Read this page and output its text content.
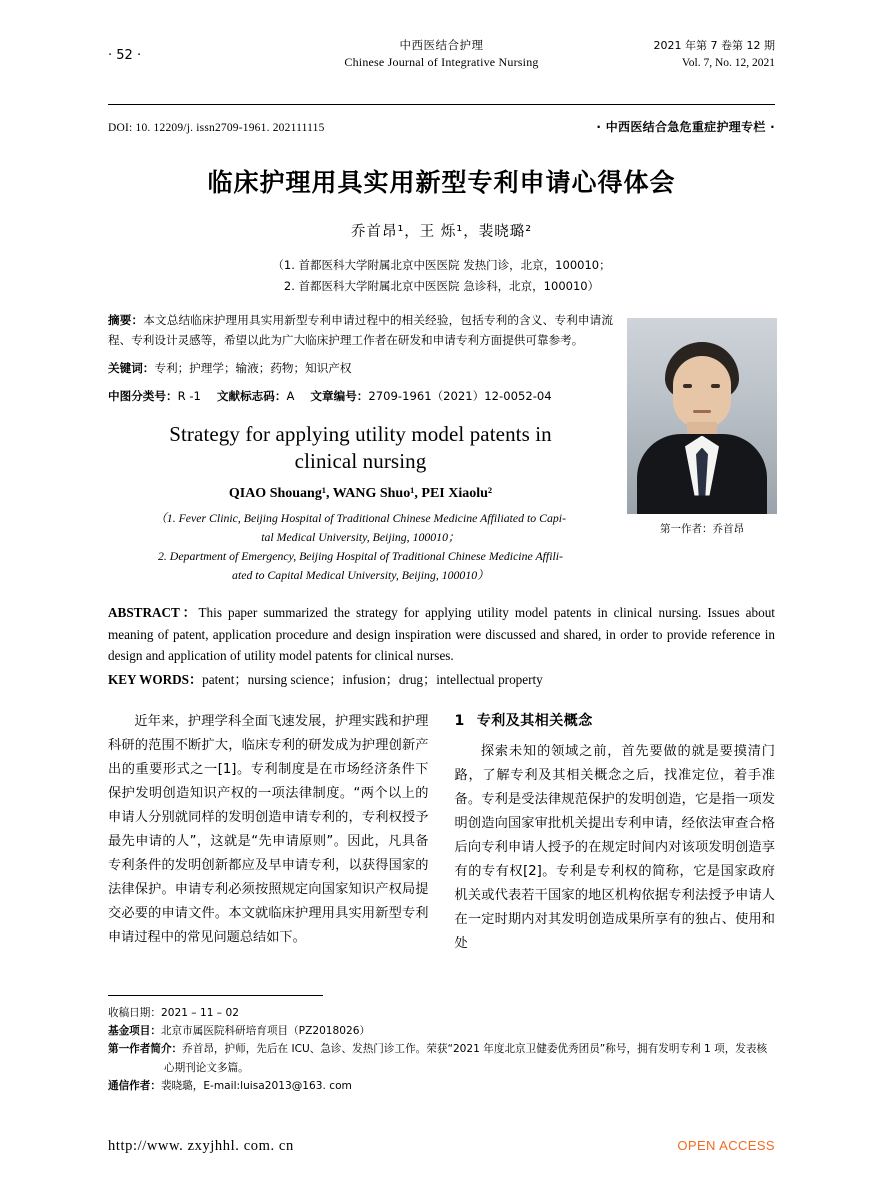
中西医结合护理
Chinese Journal of Integrative Nursing
· 52 ·
2021 年第 7 卷第 12 期
Vol. 7, No. 12, 2021
DOI: 10. 12209/j. issn2709-1961. 202111115	· 中西医结合急危重症护理专栏 ·
临床护理用具实用新型专利申请心得体会
乔首昂¹，王 烁¹，裴晓璐²
（1. 首都医科大学附属北京中医医院 发热门诊，北京，100010；
2. 首都医科大学附属北京中医医院 急诊科，北京，100010）
摘要：本文总结临床护理用具实用新型专利申请过程中的相关经验，包括专利的含义、专利申请流程、专利设计灵感等，希望以此为广大临床护理工作者在研发和申请专利方面提供可靠参考。
关键词：专利；护理学；输液；药物；知识产权
中图分类号：R -1 文献标志码：A 文章编号：2709-1961（2021）12-0052-04
第一作者：乔首昂
Strategy for applying utility model patents in
clinical nursing
QIAO Shouang¹, WANG Shuo¹, PEI Xiaolu²
（1. Fever Clinic, Beijing Hospital of Traditional Chinese Medicine Affiliated to Capi-
tal Medical University, Beijing, 100010；
2. Department of Emergency, Beijing Hospital of Traditional Chinese Medicine Affili-
ated to Capital Medical University, Beijing, 100010）
ABSTRACT：This paper summarized the strategy for applying utility model patents in clinical nursing. Issues about meaning of patent, application procedure and design inspiration were discussed and shared, in order to provide reference in design and application of utility model patents for clinical nurses.
KEY WORDS：patent；nursing science；infusion；drug；intellectual property
近年来，护理学科全面飞速发展，护理实践和护理科研的范围不断扩大，临床专利的研发成为护理创新产出的重要形式之一[1]。专利制度是在市场经济条件下保护发明创造知识产权的一项法律制度。“两个以上的申请人分别就同样的发明创造申请专利的，专利权授予最先申请的人”，这就是“先申请原则”。因此，凡具备专利条件的发明创新都应及早申请专利，以获得国家的法律保护。申请专利必须按照规定向国家知识产权局提交必要的申请文件。本文就临床护理用具实用新型专利申请过程中的常见问题总结如下。
1 专利及其相关概念
探索未知的领域之前，首先要做的就是要摸清门路，了解专利及其相关概念之后，找准定位，着手准备。专利是受法律规范保护的发明创造，它是指一项发明创造向国家审批机关提出专利申请，经依法审查合格后向专利申请人授予的在规定时间内对该项发明创造享有的专有权[2]。专利是专利权的简称，它是国家政府机关或代表若干国家的地区机构依据专利法授予申请人在一定时期内对其发明创造成果所享有的独占、使用和处
收稿日期：2021 – 11 – 02
基金项目：北京市属医院科研培育项目（PZ2018026）
第一作者简介：乔首昂，护师，先后在 ICU、急诊、发热门诊工作。荣获“2021 年度北京卫健委优秀团员”称号，拥有发明专利 1 项，发表核
心期刊论文多篇。
通信作者：裴晓璐，E-mail:luisa2013@163. com
http://www. zxyjhhl. com. cn	OPEN ACCESS
